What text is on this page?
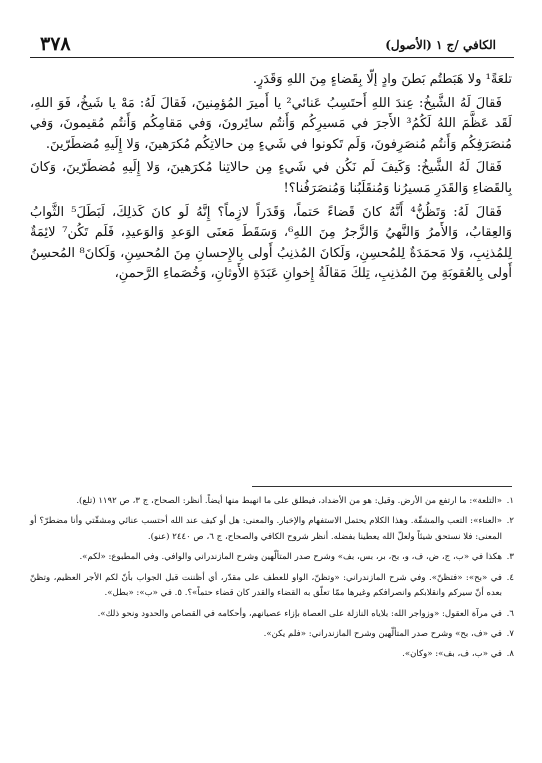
الكافي /ج ١ (الأصول)
٣٧٨

تلعَةً¹ ولا هَبَطتُم بَطنَ وادٍ إلّا بِقَضاءٍ مِنَ اللهِ وَقَدَرٍ.

فَقالَ لَهُ الشَّيخُ: عِندَ اللهِ أَحتَسِبُ عَنائي² يا أَميرَ المُؤمِنينَ، فَقالَ لَهُ: مَهْ يا شَيخُ، فَوَ اللهِ، لَقَد عَظَّمَ اللهُ لَكُمُ³ الأَجرَ في مَسيرِكُم وَأَنتُم سائِرونَ، وَفي مَقامِكُم وَأَنتُم مُقيمونَ، وَفي مُنصَرَفِكُم وَأَنتُم مُنصَرِفونَ، وَلَم تَكونوا في شَيءٍ مِن حالاتِكُم مُكرَهينَ، وَلا إِلَيهِ مُضطَرّينَ.

فَقالَ لَهُ الشَّيخُ: وَكَيفَ لَم نَكُن في شَيءٍ مِن حالاتِنا مُكرَهينَ، وَلا إِلَيهِ مُضطَرّينَ، وَكانَ بِالقَضاءِ وَالقَدَرِ مَسيرُنا وَمُنقَلَبُنا وَمُنصَرَفُنا؟!

فَقالَ لَهُ: وَتَظُنُّ⁴ أَنَّهُ كانَ قَضاءً حَتماً، وَقَدَراً لازِماً؟ إِنَّهُ لَو كانَ كَذلِكَ، لَبَطَلَ⁵ الثَّوابُ وَالعِقابُ، وَالأَمرُ وَالنَّهيُ وَالزَّجرُ مِنَ اللهِ⁶، وَسَقَطَ مَعنَى الوَعدِ وَالوَعيدِ، فَلَم تَكُن⁷ لائِمَةٌ لِلمُذنِبِ، وَلا مَحمَدَةٌ لِلمُحسِنِ، وَلَكانَ المُذنِبُ أَولى بِالإِحسانِ مِنَ المُحسِنِ، وَلَكانَ⁸ المُحسِنُ أَولى بِالعُقوبَةِ مِنَ المُذنِبِ، تِلكَ مَقالَةُ إِخوانِ عَبَدَةِ الأَوثانِ، وَخُصَماءِ الرَّحمنِ،

١.
«التلعة»: ما ارتفع من الأرض. وقيل: هو من الأضداد، فيطلق على ما انهبط منها أيضاً. أنظر: الصحاح، ج ٣، ص ١١٩٢ (تلع).
٢.
«العناء»: التعب والمشقّة. وهذا الكلام يحتمل الاستفهام والإخبار. والمعنى: هل أو كيف عند الله أحتسب عنائي ومشقّتي وأنا مضطرّ؟ أو المعنى: فلا نستحق شيئاً ولعلّ الله يعطينا بفضله. أنظر شروح الكافي والصحاح، ج ٦، ص ٢٤٤٠ (عنو).
٣.
هكذا في «ب، ج، ض، ف، و، بح، بر، بس، بف» وشرح صدر المتألّهين وشرح المازندراني والوافي. وفي المطبوع: «لكم».
٤.
في «بح»: «فتظنّ». وفي شرح المازندراني: «وتظنّ، الواو للعطف على مقدّر، أي أظننت قبل الجواب بأنّ لكم الأجر العظيم، وتظنّ بعده أنّ سيركم وانقلابكم وانصرافكم وغيرها ممّا تعلّق به القضاء والقدر كان قضاء حتماً»؟. ٥. في «ب»: «بطل».
٦.
في مرآة العقول: «وزواجر الله: بلاياه النازلة على العصاة بإزاء عصيانهم، وأحكامه في القصاص والحدود ونحو ذلك».
٧.
في «ف، بح» وشرح صدر المتألّهين وشرح المازندراني: «فلم يكن».
٨.
في «ب، ف، بف»: «وكان».
